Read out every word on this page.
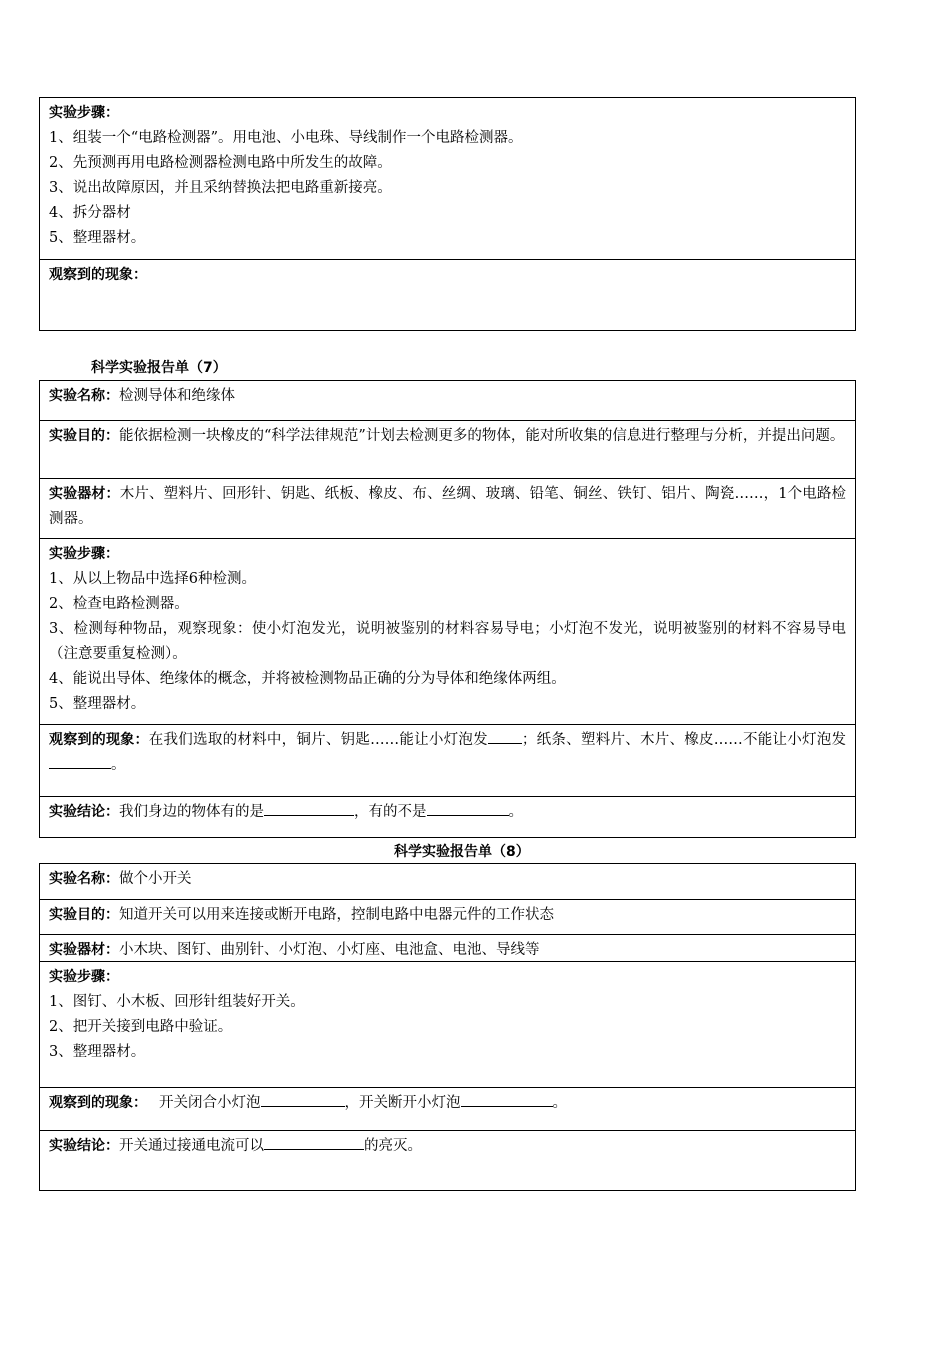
实验步骤：
1、组装一个“电路检测器”。用电池、小电珠、导线制作一个电路检测器。
2、先预测再用电路检测器检测电路中所发生的故障。
3、说出故障原因，并且采纳替换法把电路重新接亮。
4、拆分器材
5、整理器材。
观察到的现象：
科学实验报告单（7）
实验名称：检测导体和绝缘体
实验目的：能依据检测一块橡皮的“科学法律规范”计划去检测更多的物体，能对所收集的信息进行整理与分析，并提出问题。
实验器材：木片、塑料片、回形针、钥匙、纸板、橡皮、布、丝绸、玻璃、铅笔、铜丝、铁钉、铝片、陶瓷……，1个电路检测器。
实验步骤：
1、从以上物品中选择6种检测。
2、检查电路检测器。
3、检测每种物品，观察现象：使小灯泡发光，说明被鉴别的材料容易导电；小灯泡不发光，说明被鉴别的材料不容易导电（注意要重复检测）。
4、能说出导体、绝缘体的概念，并将被检测物品正确的分为导体和绝缘体两组。
5、整理器材。
观察到的现象：在我们选取的材料中，铜片、钥匙……能让小灯泡发 ；纸条、塑料片、木片、橡皮……不能让小灯泡发。
实验结论：我们身边的物体有的是	，有的不是	。
科学实验报告单（8）
实验名称：做个小开关
实验目的：知道开关可以用来连接或断开电路，控制电路中电器元件的工作状态
实验器材：小木块、图钉、曲别针、小灯泡、小灯座、电池盒、电池、导线等
实验步骤：
1、图钉、小木板、回形针组装好开关。
2、把开关接到电路中验证。
3、整理器材。
观察到的现象： 开关闭合小灯泡	，开关断开小灯泡	。
实验结论：开关通过接通电流可以	的亮灭。
